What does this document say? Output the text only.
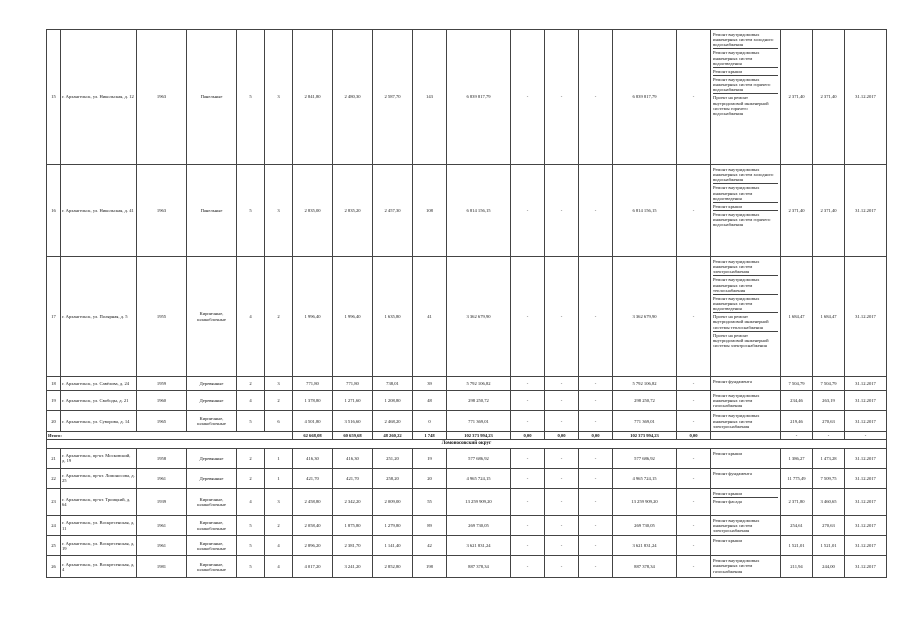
15	г. Архангельск, ул. Никольская, д. 12	1963	Панельные	5	3	2 841,80	2 480,30	2 587,70	143	6 839 817,79	-	-	-	6 839 817,79	-	Ремонт внутридомовых инженерных систем холодного водоснабжения
Ремонт внутридомовых инженерных систем водоотведения
Ремонт крыши
Ремонт внутридомовых инженерных систем горячего водоснабжения
Проект на ремонт внутридомовой инженерной системы горячего водоснабжения	2 371,40	2 371,40	31.12.2017
16	г. Архангельск, ул. Никольская, д. 41	1963	Панельные	5	3	2 835,00	2 835,20	2 457,30	108	6 814 156,15	-	-	-	6 814 156,15	-	Ремонт внутридомовых инженерных систем холодного водоснабжения
Ремонт внутридомовых инженерных систем водоотведения
Ремонт крыши
Ремонт внутридомовых инженерных систем горячего водоснабжения	2 371,40	2 371,40	31.12.2017
17	г. Архангельск, ул. Полярная, д. 5	1955	Кирпичные, шлакоблочные	4	2	1 996,40	1 996,40	1 635,80	41	3 362 679,90	-	-	-	3 362 679,90	-	Ремонт внутридомовых инженерных систем электроснабжения
Ремонт внутридомовых инженерных систем теплоснабжения
Ремонт внутридомовых инженерных систем водоотведения
Проект на ремонт внутридомовой инженерной системы теплоснабжения
Проект на ремонт внутридомовой инженерной системы электроснабжения	1 684,47	1 684,47	31.12.2017
18	г. Архангельск, ул. Cавёлова, д. 24	1959	Деревянные	2	3	771,80	771,80	738,01	39	5 792 106,82	-	-	-	5 792 106,82	-	Ремонт фундамента	7 504,79	7 504,79	31.12.2017
19	г. Архангельск, ул. Свободы, д. 21	1960	Деревянные	4	2	1 378,80	1 271,60	1 208,80	48	298 250,72	-	-	-	298 250,72	-	Ремонт внутридомовых инженерных систем газоснабжения	234,46	263,19	31.12.2017
20	г. Архангельск, ул. Суворова, д. 14	1965	Кирпичные, шлакоблочные	5	6	4 501,80	3 516,60	2 468,20	0	771 369,01	-	-	-	771 369,01	-	Ремонт внутридомовых инженерных систем электроснабжения	219,46	270,63	31.12.2017
Итого:						62 668,08	60 659,68	48 260,22	1 748	102 373 994,23	0,00	0,00	0,00	102 373 994,23	0,00		-	-	-
Ломоносовский округ																			
21	г. Архангельск, пр-кт. Московский, д. 19	1958	Деревянные	2	1	416,30	416,30	251,20	19	577 686,92	-	-	-	577 686,92	-	Ремонт крыши	1 386,27	1 473,28	31.12.2017
22	г. Архангельск, пр-кт. Ломоносова, д. 25	1961	Деревянные	2	1	421,70	421,70	258,20	20	4 965 724,15	-	-	-	4 965 724,15	-	Ремонт фундамента	11 775,49	7 509,75	31.12.2017
23	г. Архангельск, пр-кт. Троицкий, д. 64	1939	Кирпичные, шлакоблочные	4	3	2 458,80	2 342,20	2 009,00	55	13 259 909,20	-	-	-	13 259 909,20	-	Ремонт крыши
Ремонт фасада	2 371,80	3 460,65	31.12.2017
24	г. Архангельск, ул. Воскресенская, д. 11	1961	Кирпичные, шлакоблочные	5	2	2 058,40	1 875,80	1 279,80	89	269 730,05	-	-	-	269 730,05	-	Ремонт внутридомовых инженерных систем электроснабжения	254,61	270,63	31.12.2017
25	г. Архангельск, ул. Воскресенская, д. 19	1961	Кирпичные, шлакоблочные	5	4	2 896,20	2 381,70	1 141,40	42	3 621 831,24	-	-	-	3 621 831,24	-	Ремонт крыши	1 521,01	1 521,01	31.12.2017
26	г. Архангельск, ул. Воскресенская, д. 4	1981	Кирпичные, шлакоблочные	5	4	4 017,20	3 241,20	2 852,80	198	887 378,34	-	-	-	887 378,34	-	Ремонт внутридомовых инженерных систем газоснабжения	211,94	244,00	31.12.2017
